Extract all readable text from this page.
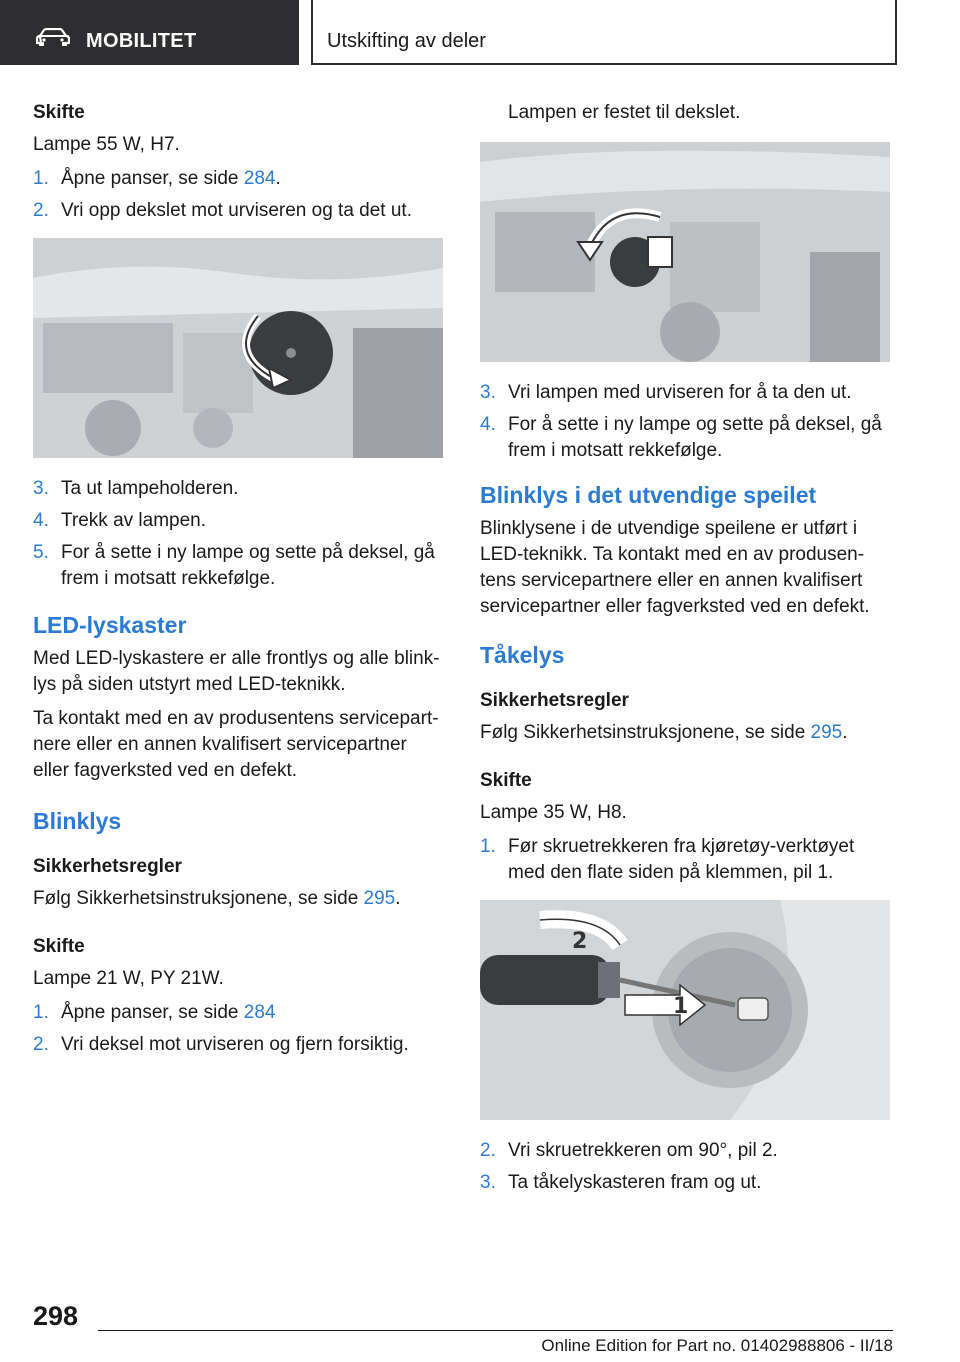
MOBILITET	Utskifting av deler
Skifte
Lampe 55 W, H7.
1. Åpne panser, se side 284.
2. Vri opp dekslet mot urviseren og ta det ut.
3. Ta ut lampeholderen.
4. Trekk av lampen.
5. For å sette i ny lampe og sette på deksel, gå frem i motsatt rekkefølge.
LED-lyskaster
Med LED-lyskastere er alle frontlys og alle blink-lys på siden utstyrt med LED-teknikk.
Ta kontakt med en av produsentens servicepart-nere eller en annen kvalifisert servicepartner eller fagverksted ved en defekt.
Blinklys
Sikkerhetsregler
Følg Sikkerhetsinstruksjonene, se side 295.
Skifte
Lampe 21 W, PY 21W.
1. Åpne panser, se side 284
2. Vri deksel mot urviseren og fjern forsiktig.
Lampen er festet til dekslet.
3. Vri lampen med urviseren for å ta den ut.
4. For å sette i ny lampe og sette på deksel, gå frem i motsatt rekkefølge.
Blinklys i det utvendige speilet
Blinklysene i de utvendige speilene er utført i LED-teknikk. Ta kontakt med en av produsen-tens servicepartnere eller en annen kvalifisert servicepartner eller fagverksted ved en defekt.
Tåkelys
Sikkerhetsregler
Følg Sikkerhetsinstruksjonene, se side 295.
Skifte
Lampe 35 W, H8.
1. Før skruetrekkeren fra kjøretøy-verktøyet med den flate siden på klemmen, pil 1.
2
1
2. Vri skruetrekkeren om 90°, pil 2.
3. Ta tåkelyskasteren fram og ut.
298
Online Edition for Part no. 01402988806 - II/18
